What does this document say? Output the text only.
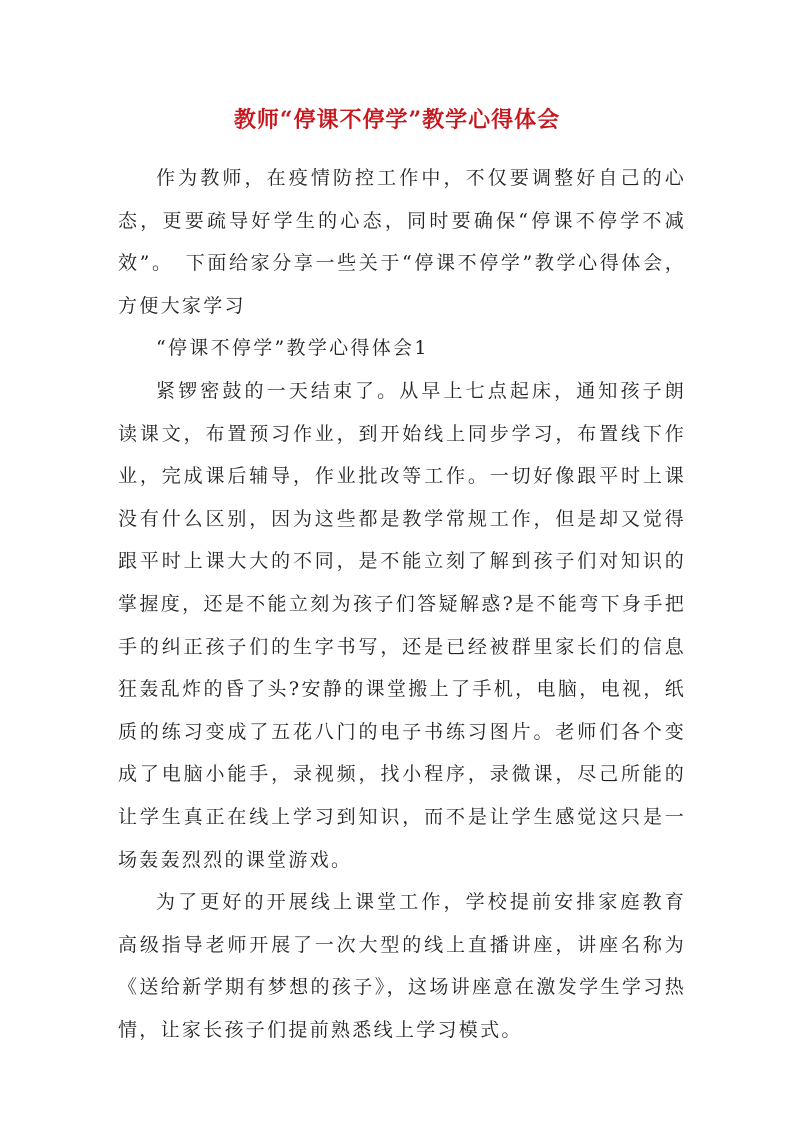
教师“停课不停学”教学心得体会

作为教师，在疫情防控工作中，不仅要调整好自己的心态，更要疏导好学生的心态，同时要确保“停课不停学不减效”。　下面给家分享一些关于“停课不停学”教学心得体会，方便大家学习

“停课不停学”教学心得体会1

紧锣密鼓的一天结束了。从早上七点起床，通知孩子朗读课文，布置预习作业，到开始线上同步学习，布置线下作业，完成课后辅导，作业批改等工作。一切好像跟平时上课没有什么区别，因为这些都是教学常规工作，但是却又觉得跟平时上课大大的不同，是不能立刻了解到孩子们对知识的掌握度，还是不能立刻为孩子们答疑解惑?是不能弯下身手把手的纠正孩子们的生字书写，还是已经被群里家长们的信息狂轰乱炸的昏了头?安静的课堂搬上了手机，电脑，电视，纸质的练习变成了五花八门的电子书练习图片。老师们各个变成了电脑小能手，录视频，找小程序，录微课，尽己所能的让学生真正在线上学习到知识，而不是让学生感觉这只是一场轰轰烈烈的课堂游戏。

为了更好的开展线上课堂工作，学校提前安排家庭教育高级指导老师开展了一次大型的线上直播讲座，讲座名称为《送给新学期有梦想的孩子》，这场讲座意在激发学生学习热情，让家长孩子们提前熟悉线上学习模式。
